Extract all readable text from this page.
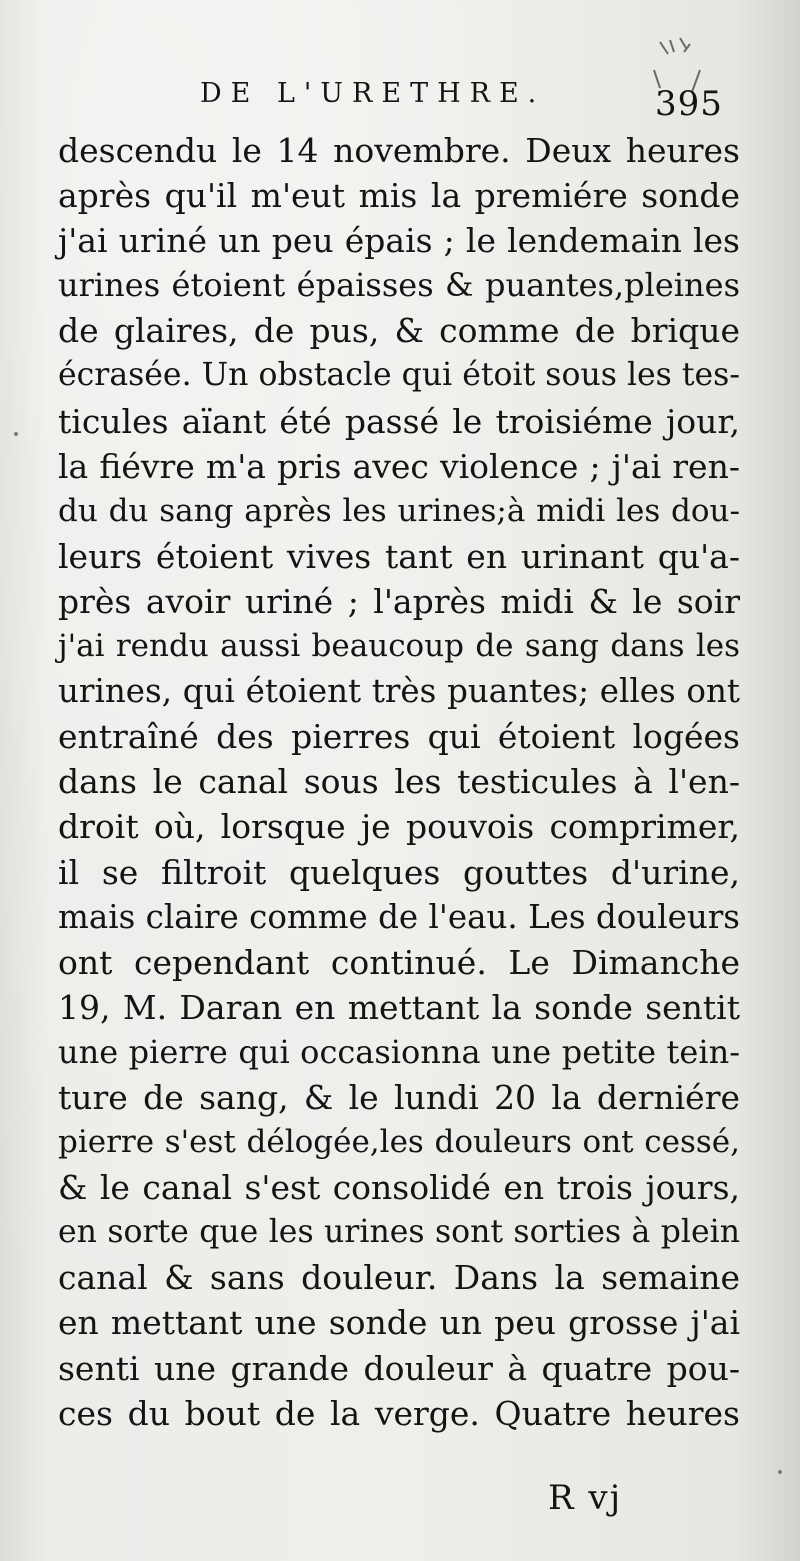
DE L'URETHRE.	395
descendu le 14 novembre. Deux heures
après qu'il m'eut mis la premiére sonde
j'ai uriné un peu épais ; le lendemain les
urines étoient épaisses & puantes,pleines
de glaires, de pus, & comme de brique
écrasée. Un obstacle qui étoit sous les tes-
ticules aïant été passé le troisiéme jour,
la fiévre m'a pris avec violence ; j'ai ren-
du du sang après les urines;à midi les dou-
leurs étoient vives tant en urinant qu'a-
près avoir uriné ; l'après midi & le soir
j'ai rendu aussi beaucoup de sang dans les
urines, qui étoient très puantes; elles ont
entraîné des pierres qui étoient logées
dans le canal sous les testicules à l'en-
droit où, lorsque je pouvois comprimer,
il se filtroit quelques gouttes d'urine,
mais claire comme de l'eau. Les douleurs
ont cependant continué. Le Dimanche
19, M. Daran en mettant la sonde sentit
une pierre qui occasionna une petite tein-
ture de sang, & le lundi 20 la derniére
pierre s'est délogée,les douleurs ont cessé,
& le canal s'est consolidé en trois jours,
en sorte que les urines sont sorties à plein
canal & sans douleur. Dans la semaine
en mettant une sonde un peu grosse j'ai
senti une grande douleur à quatre pou-
ces du bout de la verge. Quatre heures
R vj
